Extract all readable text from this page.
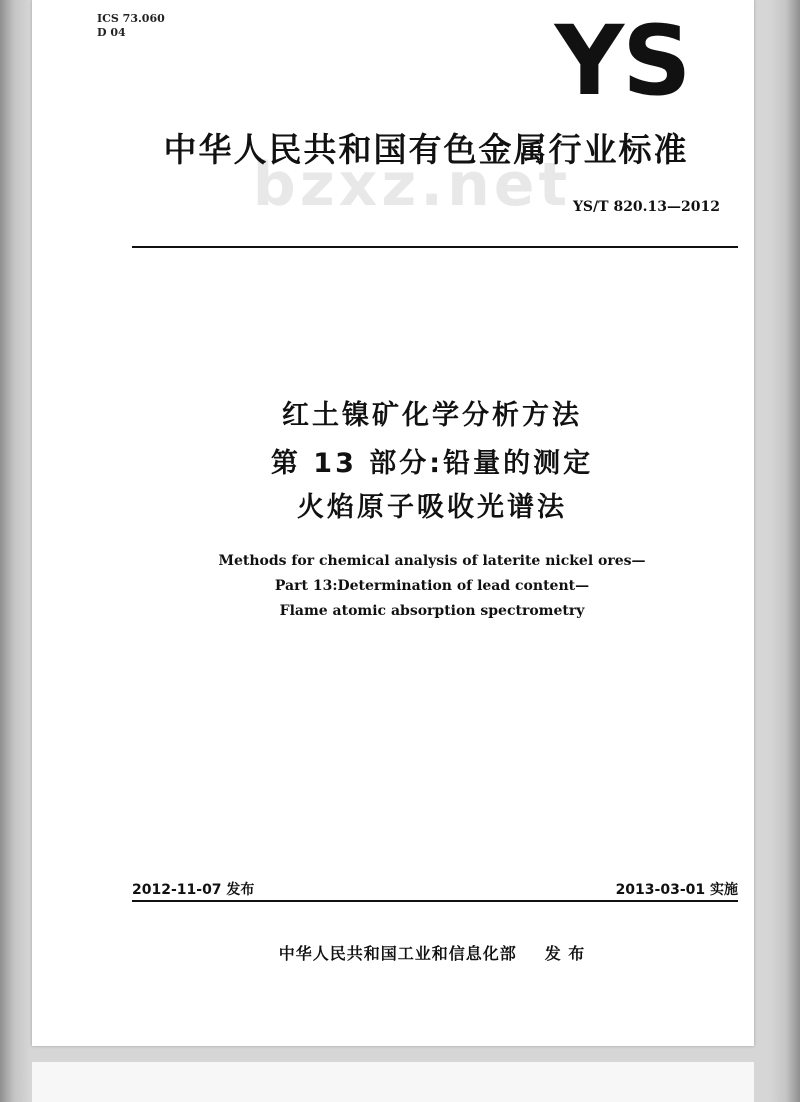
ICS 73.060
D 04	YS
bzxz.net
中华人民共和国有色金属行业标准
YS/T 820.13—2012
红土镍矿化学分析方法
第 13 部分:铅量的测定
火焰原子吸收光谱法
Methods for chemical analysis of laterite nickel ores—
Part 13:Determination of lead content—
Flame atomic absorption spectrometry
2012-11-07 发布	2013-03-01 实施
中华人民共和国工业和信息化部 发 布
